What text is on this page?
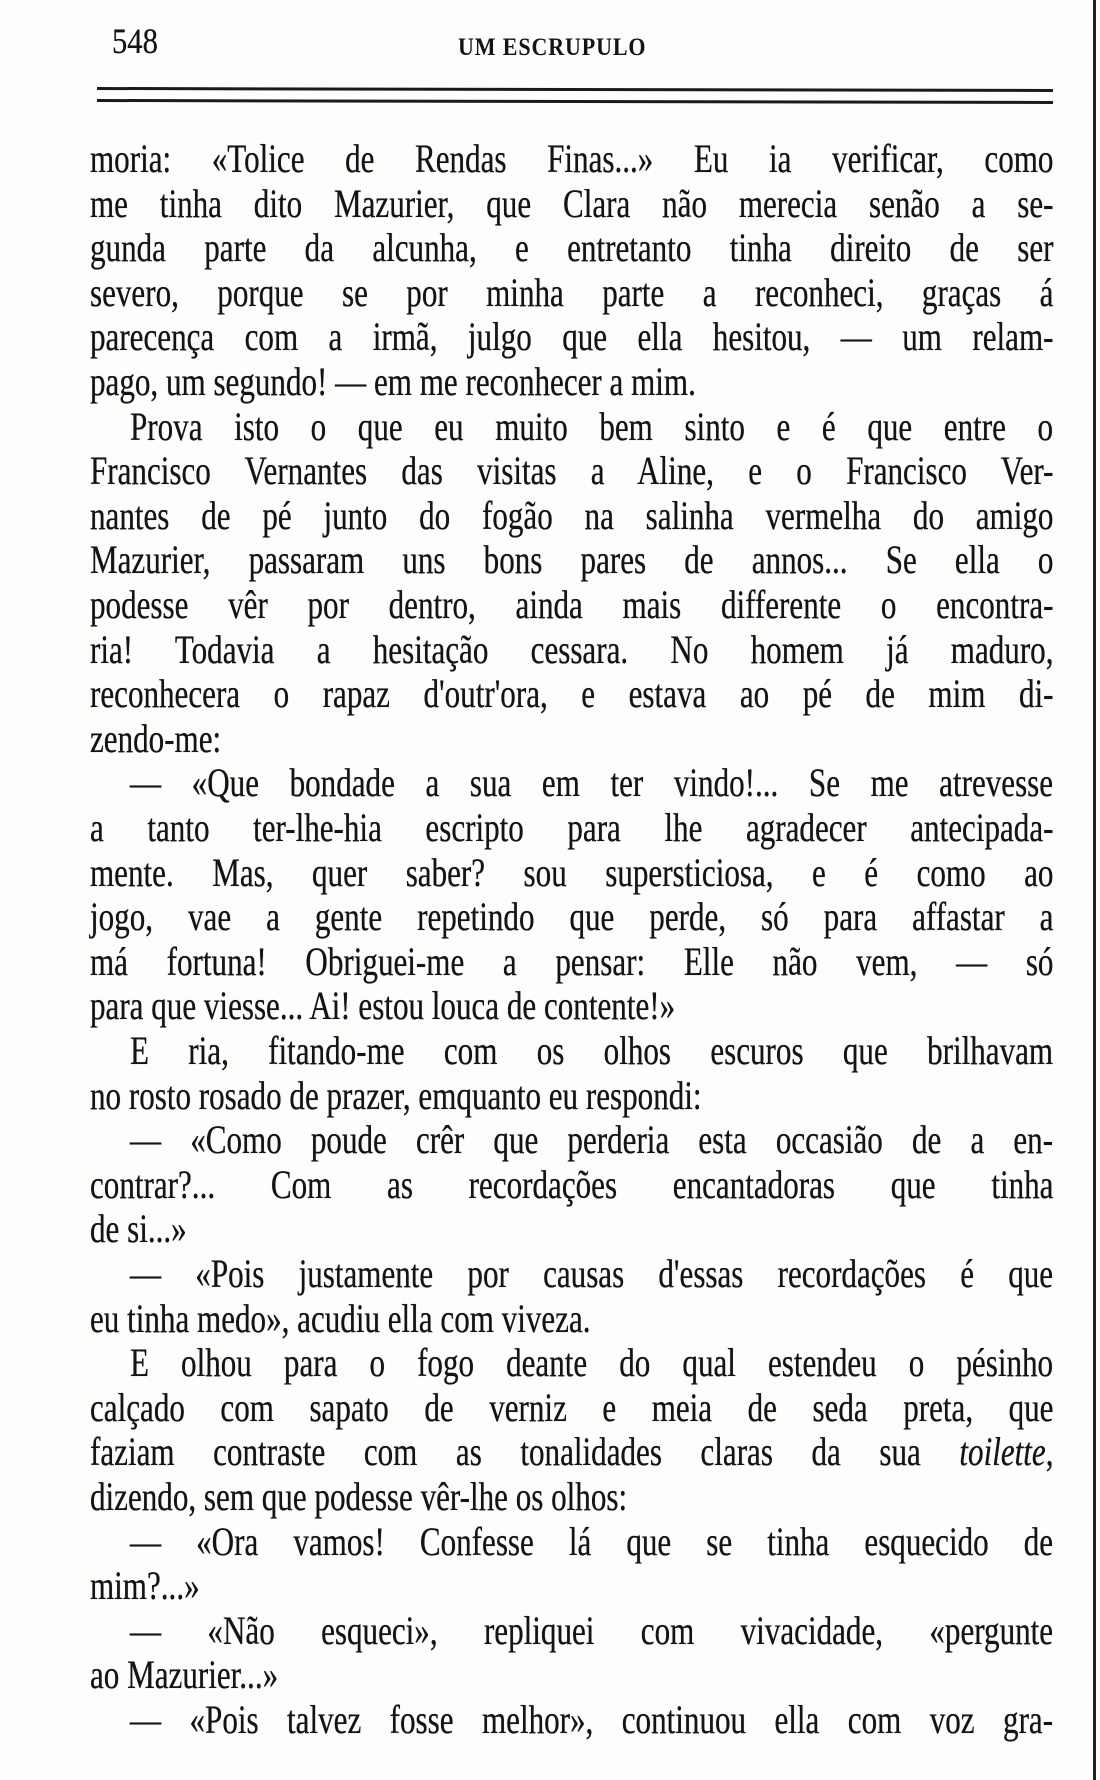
548	UM ESCRUPULO
moria: «Tolice de Rendas Finas...» Eu ia verificar, como
me tinha dito Mazurier, que Clara não merecia senão a se-
gunda parte da alcunha, e entretanto tinha direito de ser
severo, porque se por minha parte a reconheci, graças á
parecença com a irmã, julgo que ella hesitou, — um relam-
pago, um segundo! — em me reconhecer a mim.
Prova isto o que eu muito bem sinto e é que entre o
Francisco Vernantes das visitas a Aline, e o Francisco Ver-
nantes de pé junto do fogão na salinha vermelha do amigo
Mazurier, passaram uns bons pares de annos... Se ella o
podesse vêr por dentro, ainda mais differente o encontra-
ria! Todavia a hesitação cessara. No homem já maduro,
reconhecera o rapaz d'outr'ora, e estava ao pé de mim di-
zendo-me:
— «Que bondade a sua em ter vindo!... Se me atrevesse
a tanto ter-lhe-hia escripto para lhe agradecer antecipada-
mente. Mas, quer saber? sou supersticiosa, e é como ao
jogo, vae a gente repetindo que perde, só para affastar a
má fortuna! Obriguei-me a pensar: Elle não vem, — só
para que viesse... Ai! estou louca de contente!»
E ria, fitando-me com os olhos escuros que brilhavam
no rosto rosado de prazer, emquanto eu respondi:
— «Como poude crêr que perderia esta occasião de a en-
contrar?... Com as recordações encantadoras que tinha
de si...»
— «Pois justamente por causas d'essas recordações é que
eu tinha medo», acudiu ella com viveza.
E olhou para o fogo deante do qual estendeu o pésinho
calçado com sapato de verniz e meia de seda preta, que
faziam contraste com as tonalidades claras da sua toilette,
dizendo, sem que podesse vêr-lhe os olhos:
— «Ora vamos! Confesse lá que se tinha esquecido de
mim?...»
— «Não esqueci», repliquei com vivacidade, «pergunte
ao Mazurier...»
— «Pois talvez fosse melhor», continuou ella com voz gra-
